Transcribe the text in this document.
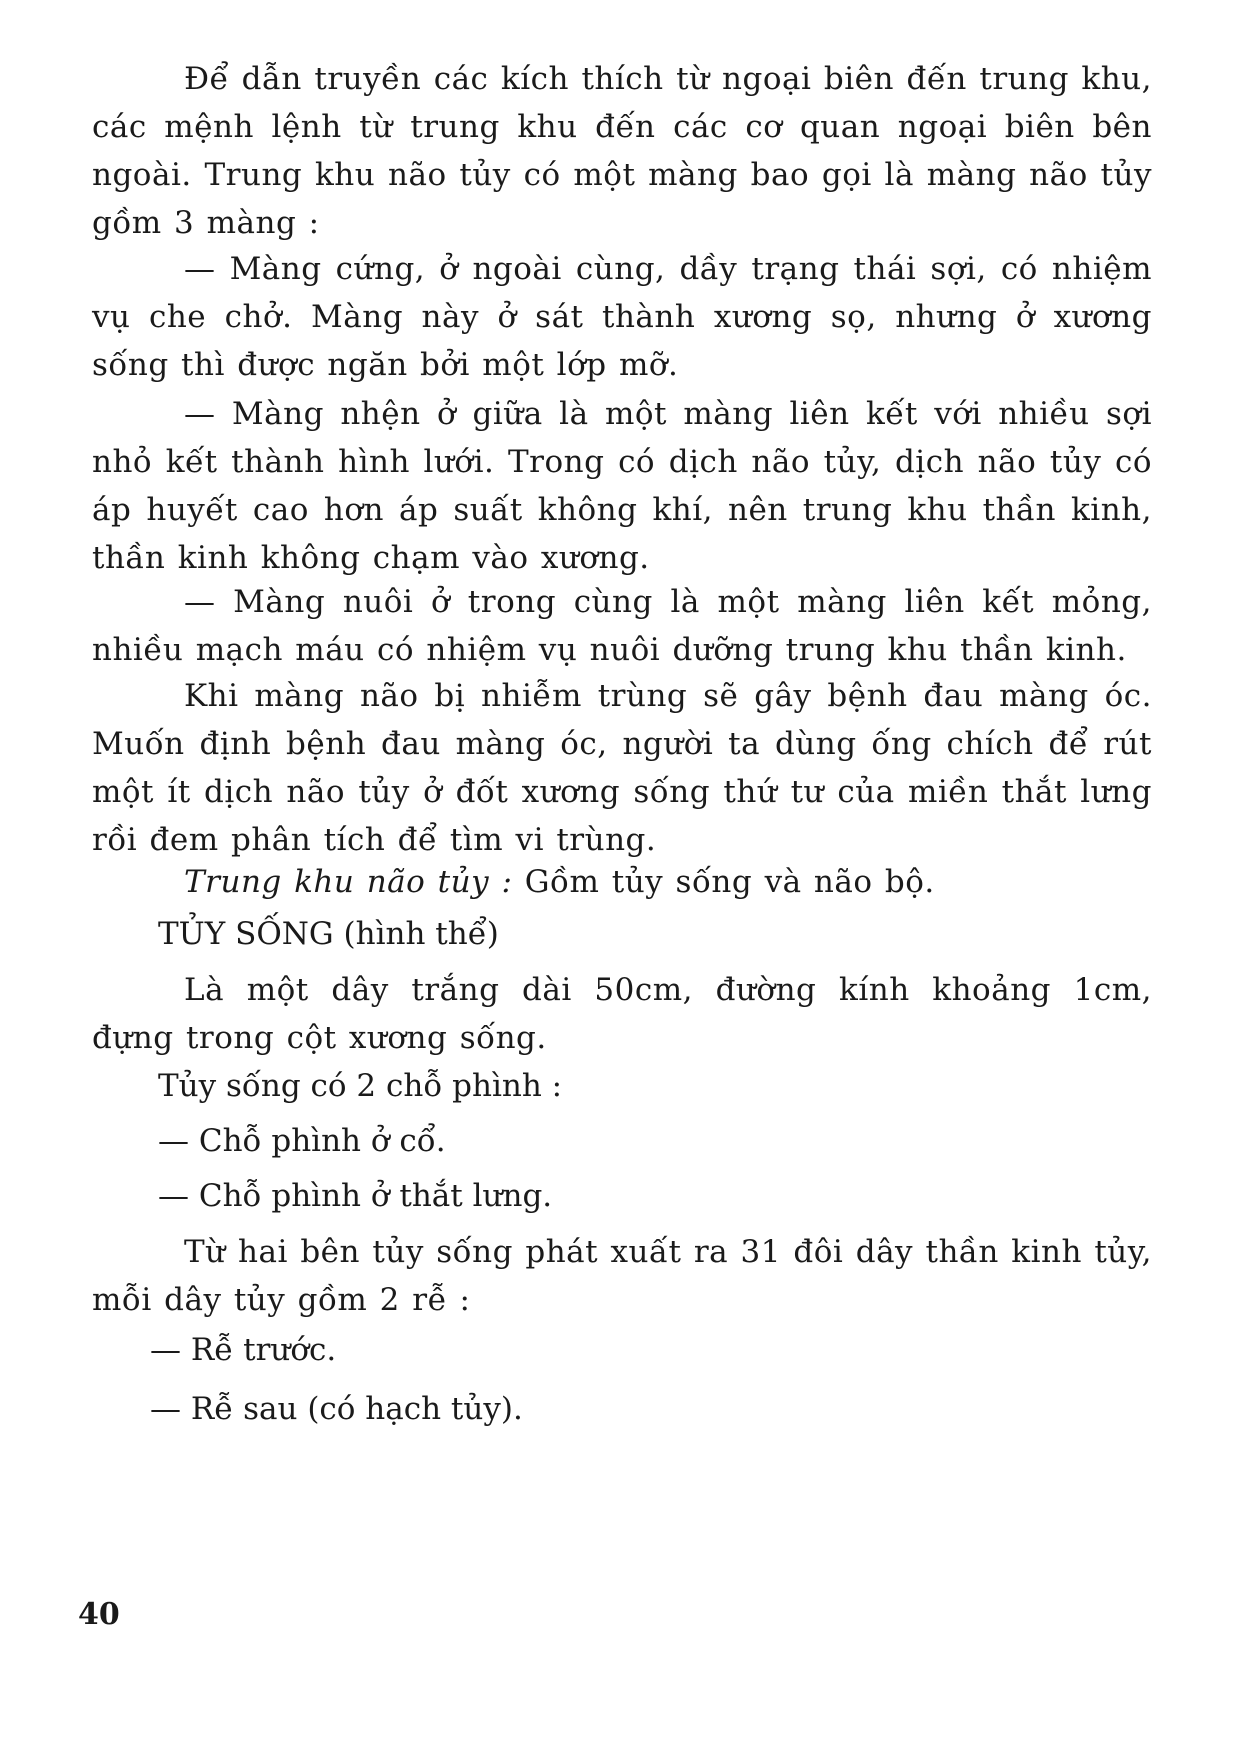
Để dẫn truyền các kích thích từ ngoại biên đến trung khu, các mệnh lệnh từ trung khu đến các cơ quan ngoại biên bên ngoài. Trung khu não tủy có một màng bao gọi là màng não tủy gồm 3 màng :

— Màng cứng, ở ngoài cùng, dầy trạng thái sợi, có nhiệm vụ che chở. Màng này ở sát thành xương sọ, nhưng ở xương sống thì được ngăn bởi một lớp mỡ.

— Màng nhện ở giữa là một màng liên kết với nhiều sợi nhỏ kết thành hình lưới. Trong có dịch não tủy, dịch não tủy có áp huyết cao hơn áp suất không khí, nên trung khu thần kinh, thần kinh không chạm vào xương.

— Màng nuôi ở trong cùng là một màng liên kết mỏng, nhiều mạch máu có nhiệm vụ nuôi dưỡng trung khu thần kinh.

Khi màng não bị nhiễm trùng sẽ gây bệnh đau màng óc. Muốn định bệnh đau màng óc, người ta dùng ống chích để rút một ít dịch não tủy ở đốt xương sống thứ tư của miền thắt lưng rồi đem phân tích để tìm vi trùng.

Trung khu não tủy : Gồm tủy sống và não bộ.

TỦY SỐNG (hình thể)

Là một dây trắng dài 50cm, đường kính khoảng 1cm, đựng trong cột xương sống.

Tủy sống có 2 chỗ phình :
— Chỗ phình ở cổ.
— Chỗ phình ở thắt lưng.

Từ hai bên tủy sống phát xuất ra 31 đôi dây thần kinh tủy, mỗi dây tủy gồm 2 rễ :

— Rễ trước.
— Rễ sau (có hạch tủy).
40
